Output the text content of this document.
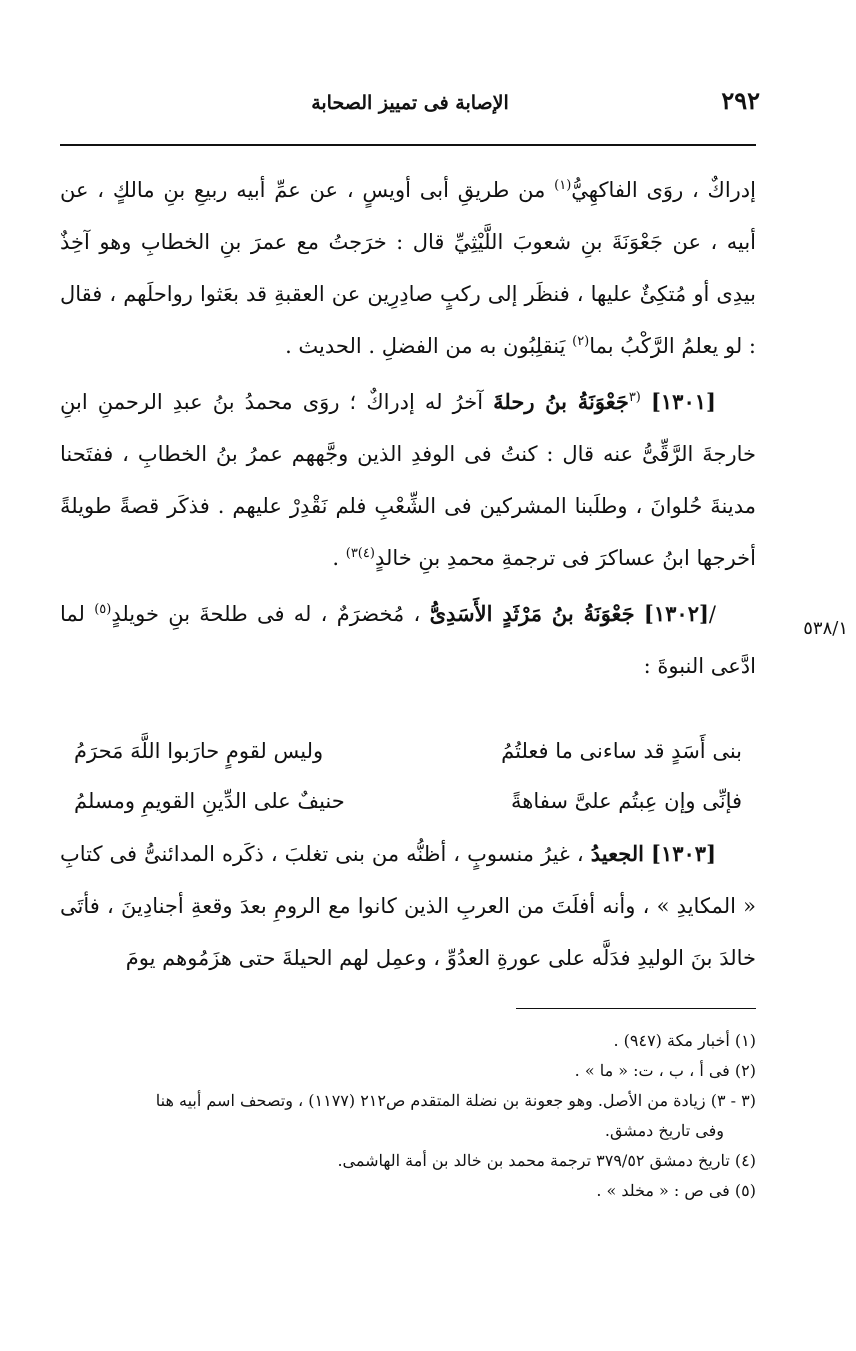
٢٩٢
الإصابة فى تمييز الصحابة

إدراكٌ ، روَى الفاكهِيُّ$^{(١)}$ من طريقِ أبى أويسٍ ، عن عمِّ أبيه ربيعِ بنِ مالكٍ ، عن أبيه ، عن جَعْوَنَةَ بنِ شعوبَ اللَّيْثِيِّ قال : خرَجتُ مع عمرَ بنِ الخطابِ وهو آخِذٌ بيدِى أو مُتكِئٌ عليها ، فنظَر إلى ركبٍ صادِرِين عن العقبةِ قد بعَثوا رواحلَهم ، فقال : لو يعلمُ الرَّكْبُ بما$^{(٢)}$ يَنقلِبُون به من الفضلِ . الحديث .

[١٣٠١] $^{(٣}$جَعْوَنَةُ بنُ رحلةَ آخرُ له إدراكٌ ؛ روَى محمدُ بنُ عبدِ الرحمنِ ابنِ خارجةَ الرَّقِّىُّ عنه قال : كنتُ فى الوفدِ الذين وجَّههم عمرُ بنُ الخطابِ ، ففتَحنا مدينةَ حُلوانَ ، وطلَبنا المشركين فى الشِّعْبِ فلم نَقْدِرْ عليهم . فذكَر قصةً طويلةً أخرجها ابنُ عساكرَ فى ترجمةِ محمدِ بنِ خالدٍ$^{(٤)٣)}$ .

/[١٣٠٢] جَعْوَنَةُ بنُ مَرْثَدٍ الأَسَدِىُّ ، مُخضرَمٌ ، له فى طلحةَ بنِ خويلدٍ$^{(٥)}$ لما ادَّعى النبوةَ :

٥٣٨/١
بنى أَسَدٍ قد ساءنى ما فعلتُمُ
وليس لقومٍ حارَبوا اللَّهَ مَحرَمُ
فإنِّى وإن عِبتُم علىَّ سفاهةً
حنيفٌ على الدِّينِ القويمِ ومسلمُ

[١٣٠٣] الجعيدُ ، غيرُ منسوبٍ ، أظنُّه من بنى تغلبَ ، ذكَره المدائنىُّ فى كتابِ « المكايدِ » ، وأنه أفلَتَ من العربِ الذين كانوا مع الرومِ بعدَ وقعةِ أجنادِينَ ، فأتَى خالدَ بنَ الوليدِ فدَلَّه على عورةِ العدُوِّ ، وعمِل لهم الحيلةَ حتى هزَمُوهم يومَ

(١) أخبار مكة (٩٤٧) .

(٢) فى أ ، ب ، ت: « ما » .

(٣ - ٣) زيادة من الأصل. وهو جعونة بن نضلة المتقدم ص٢١٢ (١١٧٧) ، وتصحف اسم أبيه هنا

وفى تاريخ دمشق.

(٤) تاريخ دمشق ٣٧٩/٥٢ ترجمة محمد بن خالد بن أمة الهاشمى.

(٥) فى ص : « مخلد » .
